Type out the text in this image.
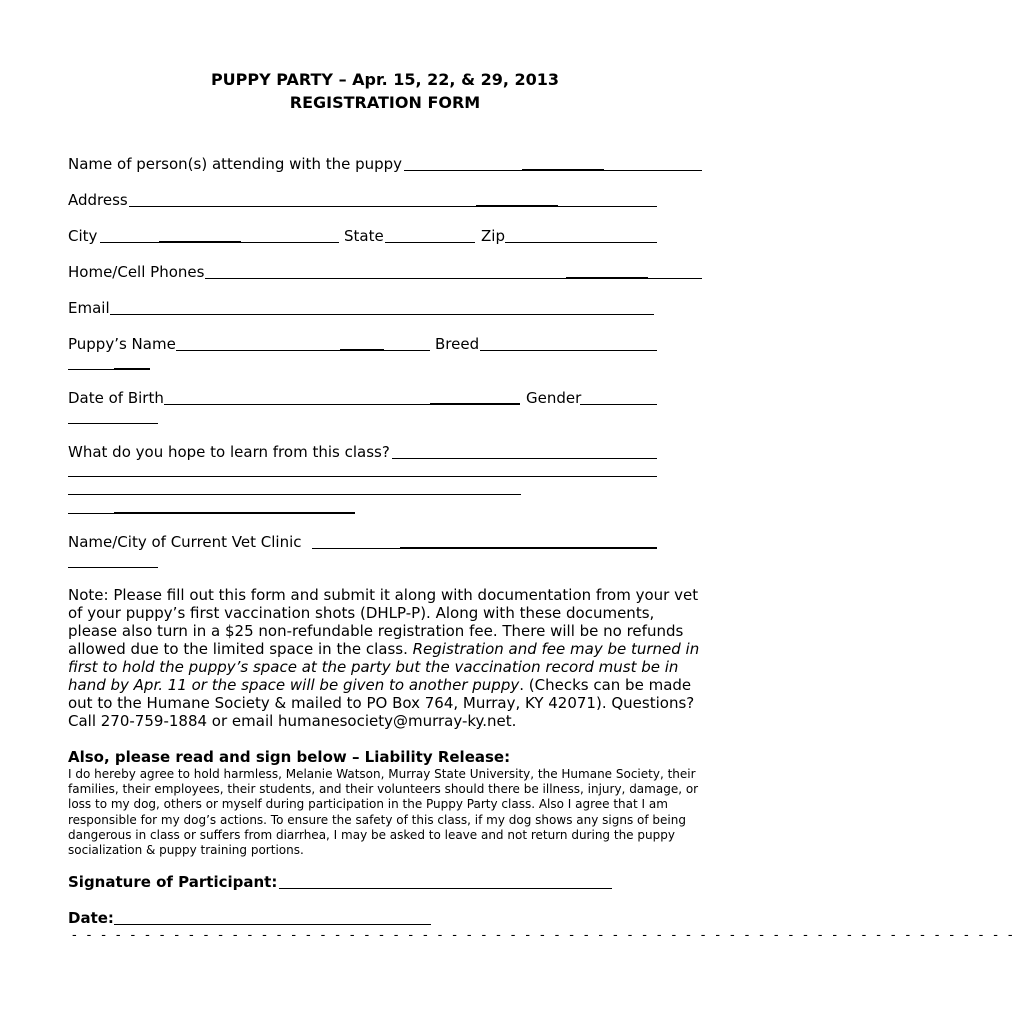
PUPPY PARTY – Apr. 15, 22, & 29, 2013
REGISTRATION FORM
Name of person(s) attending with the puppy
Address
City	State	Zip
Home/Cell Phones
Email
Puppy’s Name	Breed
Date of Birth	Gender
What do you hope to learn from this class?
Name/City of Current Vet Clinic

Note: Please fill out this form and submit it along with documentation from your vet of your puppy’s first vaccination shots (DHLP-P). Along with these documents, please also turn in a $25 non-refundable registration fee. There will be no refunds allowed due to the limited space in the class. Registration and fee may be turned in first to hold the puppy’s space at the party but the vaccination record must be in hand by Apr. 11 or the space will be given to another puppy. (Checks can be made out to the Humane Society & mailed to PO Box 764, Murray, KY 42071). Questions? Call 270-759-1884 or email humanesociety@murray-ky.net.

Also, please read and sign below – Liability Release:
I do hereby agree to hold harmless, Melanie Watson, Murray State University, the Humane Society, their families, their employees, their students, and their volunteers should there be illness, injury, damage, or loss to my dog, others or myself during participation in the Puppy Party class. Also I agree that I am responsible for my dog’s actions. To ensure the safety of this class, if my dog shows any signs of being dangerous in class or suffers from diarrhea, I may be asked to leave and not return during the puppy socialization & puppy training portions.
Signature of Participant:
Date:
- - - - - - - - - - - - - - - - - - - - - - - - - - - - - - - - - - - - - - - - - - - - - - - - - - - - - - - - - - - - - - - - -
